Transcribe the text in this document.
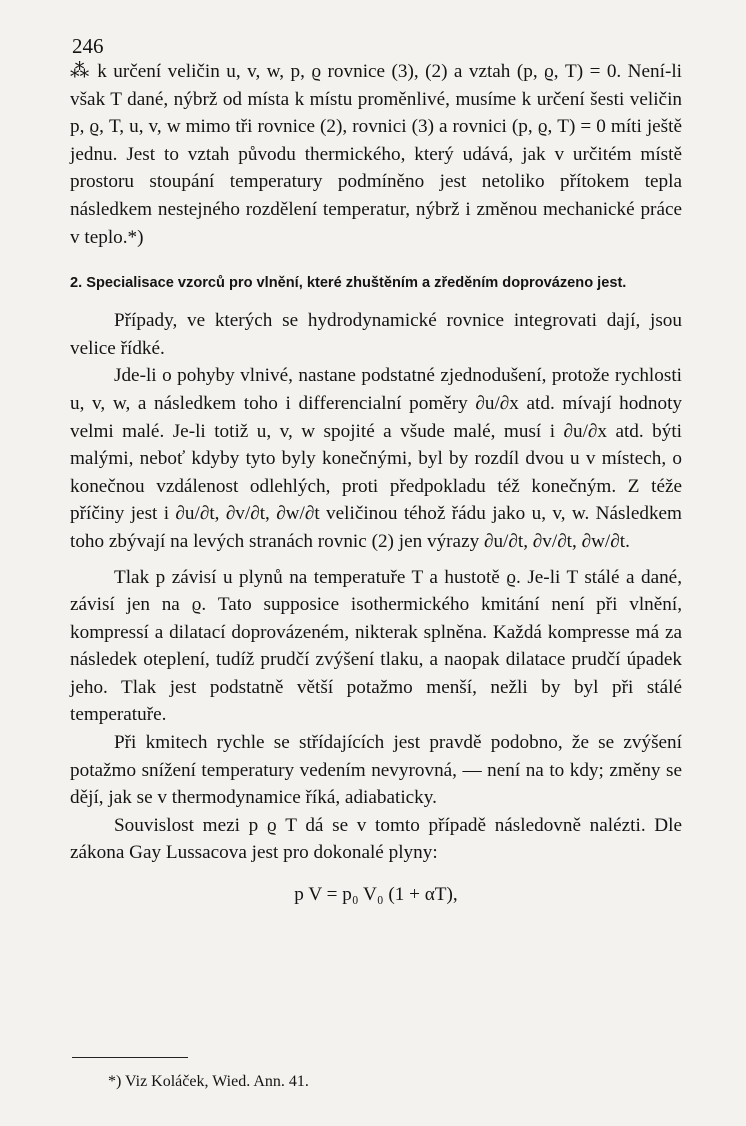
246

⁂ k určení veličin u, v, w, p, ϱ rovnice (3), (2) a vztah (p, ϱ, T) = 0. Není-li však T dané, nýbrž od místa k místu proměnlivé, musíme k určení šesti veličin p, ϱ, T, u, v, w mimo tři rovnice (2), rovnici (3) a rovnici (p, ϱ, T) = 0 míti ještě jednu. Jest to vztah původu thermického, který udává, jak v určitém místě prostoru stoupání temperatury podmíněno jest netoliko přítokem tepla následkem nestejného rozdělení temperatur, nýbrž i změnou mechanické práce v teplo.*)

2. Specialisace vzorců pro vlnění, které zhuštěním a zředěním doprovázeno jest.

Případy, ve kterých se hydrodynamické rovnice integrovati dají, jsou velice řídké.

Jde-li o pohyby vlnivé, nastane podstatné zjednodušení, protože rychlosti u, v, w, a následkem toho i differencialní poměry ∂u/∂x atd. mívají hodnoty velmi malé. Je-li totiž u, v, w spojité a všude malé, musí i ∂u/∂x atd. býti malými, neboť kdyby tyto byly konečnými, byl by rozdíl dvou u v místech, o konečnou vzdálenost odlehlých, proti předpokladu též konečným. Z téže příčiny jest i ∂u/∂t, ∂v/∂t, ∂w/∂t veličinou téhož řádu jako u, v, w. Následkem toho zbývají na levých stranách rovnic (2) jen výrazy ∂u/∂t, ∂v/∂t, ∂w/∂t.

Tlak p závisí u plynů na temperatuře T a hustotě ϱ. Je-li T stálé a dané, závisí jen na ϱ. Tato supposice isothermického kmitání není při vlnění, kompressí a dilatací doprovázeném, nikterak splněna. Každá kompresse má za následek oteplení, tudíž prudčí zvýšení tlaku, a naopak dilatace prudčí úpadek jeho. Tlak jest podstatně větší potažmo menší, nežli by byl při stálé temperatuře.

Při kmitech rychle se střídajících jest pravdě podobno, že se zvýšení potažmo snížení temperatury vedením nevyrovná, — není na to kdy; změny se dějí, jak se v thermodynamice říká, adiabaticky.

Souvislost mezi p ϱ T dá se v tomto případě následovně nalézti. Dle zákona Gay Lussacova jest pro dokonalé plyny:

p V = p₀ V₀ (1 + αT),

*) Viz Koláček, Wied. Ann. 41.
